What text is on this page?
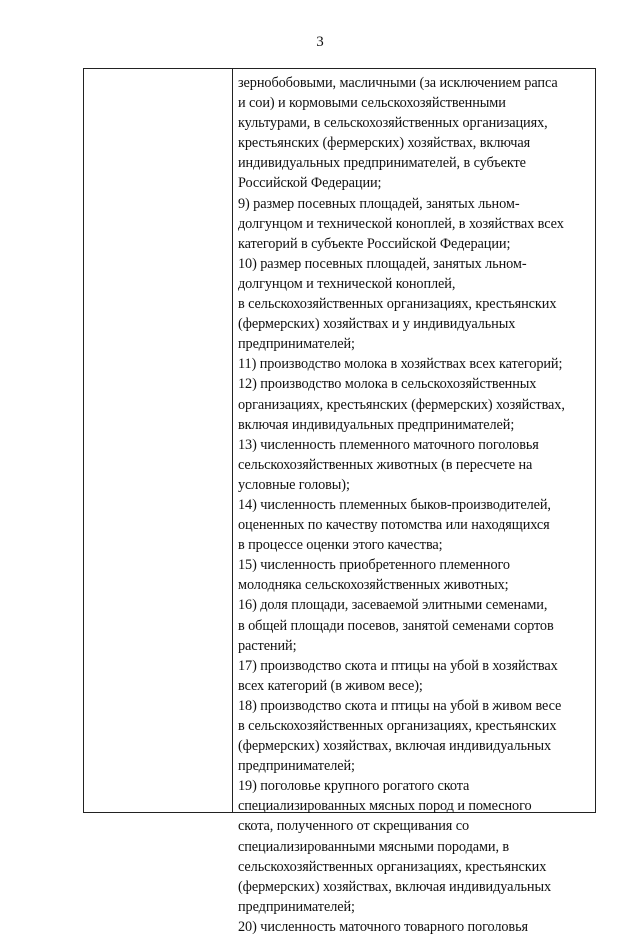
3
зернобобовыми, масличными (за исключением рапса
и сои) и кормовыми сельскохозяйственными
культурами, в сельскохозяйственных организациях,
крестьянских (фермерских) хозяйствах, включая
индивидуальных предпринимателей, в субъекте
Российской Федерации;
9) размер посевных площадей, занятых льном-
долгунцом и технической коноплей, в хозяйствах всех
категорий в субъекте Российской Федерации;
10) размер посевных площадей, занятых льном-
долгунцом и технической коноплей,
в сельскохозяйственных организациях, крестьянских
(фермерских) хозяйствах и у индивидуальных
предпринимателей;
11) производство молока в хозяйствах всех категорий;
12) производство молока в сельскохозяйственных
организациях, крестьянских (фермерских) хозяйствах,
включая индивидуальных предпринимателей;
13) численность племенного маточного поголовья
сельскохозяйственных животных (в пересчете на
условные головы);
14) численность племенных быков-производителей,
оцененных по качеству потомства или находящихся
в процессе оценки этого качества;
15) численность приобретенного племенного
молодняка сельскохозяйственных животных;
16) доля площади, засеваемой элитными семенами,
в общей площади посевов, занятой семенами сортов
растений;
17) производство скота и птицы на убой в хозяйствах
всех категорий (в живом весе);
18) производство скота и птицы на убой в живом весе
в сельскохозяйственных организациях, крестьянских
(фермерских) хозяйствах, включая индивидуальных
предпринимателей;
19) поголовье крупного рогатого скота
специализированных мясных пород и помесного
скота, полученного от скрещивания со
специализированными мясными породами, в
сельскохозяйственных организациях, крестьянских
(фермерских) хозяйствах, включая индивидуальных
предпринимателей;
20) численность маточного товарного поголовья
